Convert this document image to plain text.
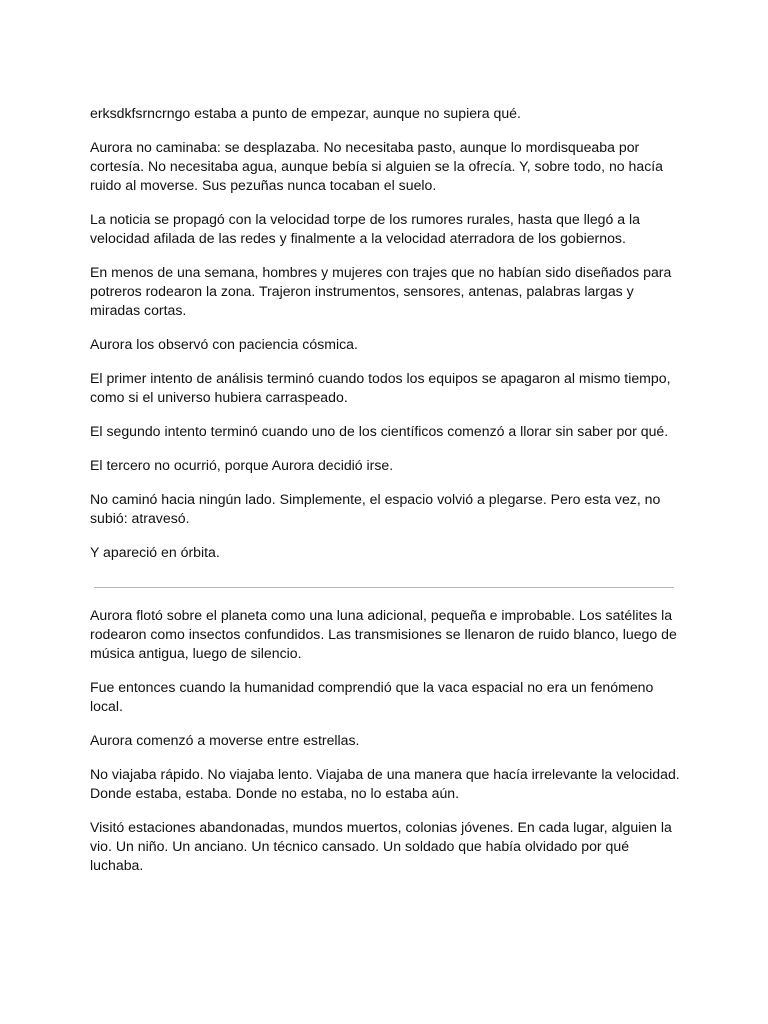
erksdkfsrncrngo estaba a punto de empezar, aunque no supiera qué.

Aurora no caminaba: se desplazaba. No necesitaba pasto, aunque lo mordisqueaba por cortesía. No necesitaba agua, aunque bebía si alguien se la ofrecía. Y, sobre todo, no hacía ruido al moverse. Sus pezuñas nunca tocaban el suelo.

La noticia se propagó con la velocidad torpe de los rumores rurales, hasta que llegó a la velocidad afilada de las redes y finalmente a la velocidad aterradora de los gobiernos.

En menos de una semana, hombres y mujeres con trajes que no habían sido diseñados para potreros rodearon la zona. Trajeron instrumentos, sensores, antenas, palabras largas y miradas cortas.

Aurora los observó con paciencia cósmica.

El primer intento de análisis terminó cuando todos los equipos se apagaron al mismo tiempo, como si el universo hubiera carraspeado.

El segundo intento terminó cuando uno de los científicos comenzó a llorar sin saber por qué.

El tercero no ocurrió, porque Aurora decidió irse.

No caminó hacia ningún lado. Simplemente, el espacio volvió a plegarse. Pero esta vez, no subió: atravesó.

Y apareció en órbita.

Aurora flotó sobre el planeta como una luna adicional, pequeña e improbable. Los satélites la rodearon como insectos confundidos. Las transmisiones se llenaron de ruido blanco, luego de música antigua, luego de silencio.

Fue entonces cuando la humanidad comprendió que la vaca espacial no era un fenómeno local.

Aurora comenzó a moverse entre estrellas.

No viajaba rápido. No viajaba lento. Viajaba de una manera que hacía irrelevante la velocidad. Donde estaba, estaba. Donde no estaba, no lo estaba aún.

Visitó estaciones abandonadas, mundos muertos, colonias jóvenes. En cada lugar, alguien la vio. Un niño. Un anciano. Un técnico cansado. Un soldado que había olvidado por qué luchaba.
